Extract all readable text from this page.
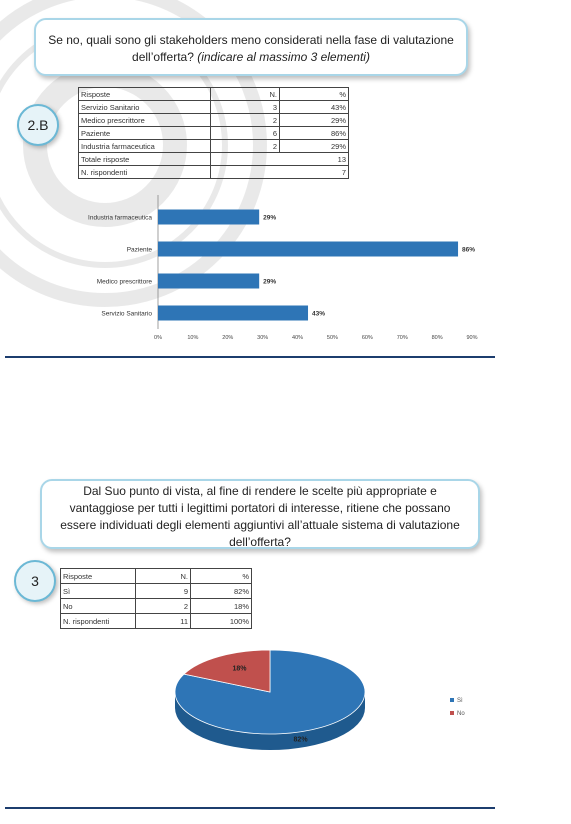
Se no, quali sono gli stakeholders meno considerati nella fase di valutazione dell’offerta? (indicare al massimo 3 elementi)
2.B
Risposte	N.	%
Servizio Sanitario	3	43%
Medico prescrittore	2	29%
Paziente	6	86%
Industria farmaceutica	2	29%
Totale risposte	13	
N. rispondenti	7	
Industria farmaceutica	29%
Paziente	86%
Medico prescrittore	29%
Servizio Sanitario	43%
0%	10%	20%	30%	40%	50%	60%	70%	80%	90%
Dal Suo punto di vista, al fine di rendere le scelte più appropriate e vantaggiose per tutti i legittimi portatori di interesse, ritiene che possano essere individuati degli elementi aggiuntivi all’attuale sistema di valutazione dell’offerta?
3	Risposte	N.	%
Sì	9	82%
No	2	18%
N. rispondenti	11	100%
82%
18%
Sì
No
